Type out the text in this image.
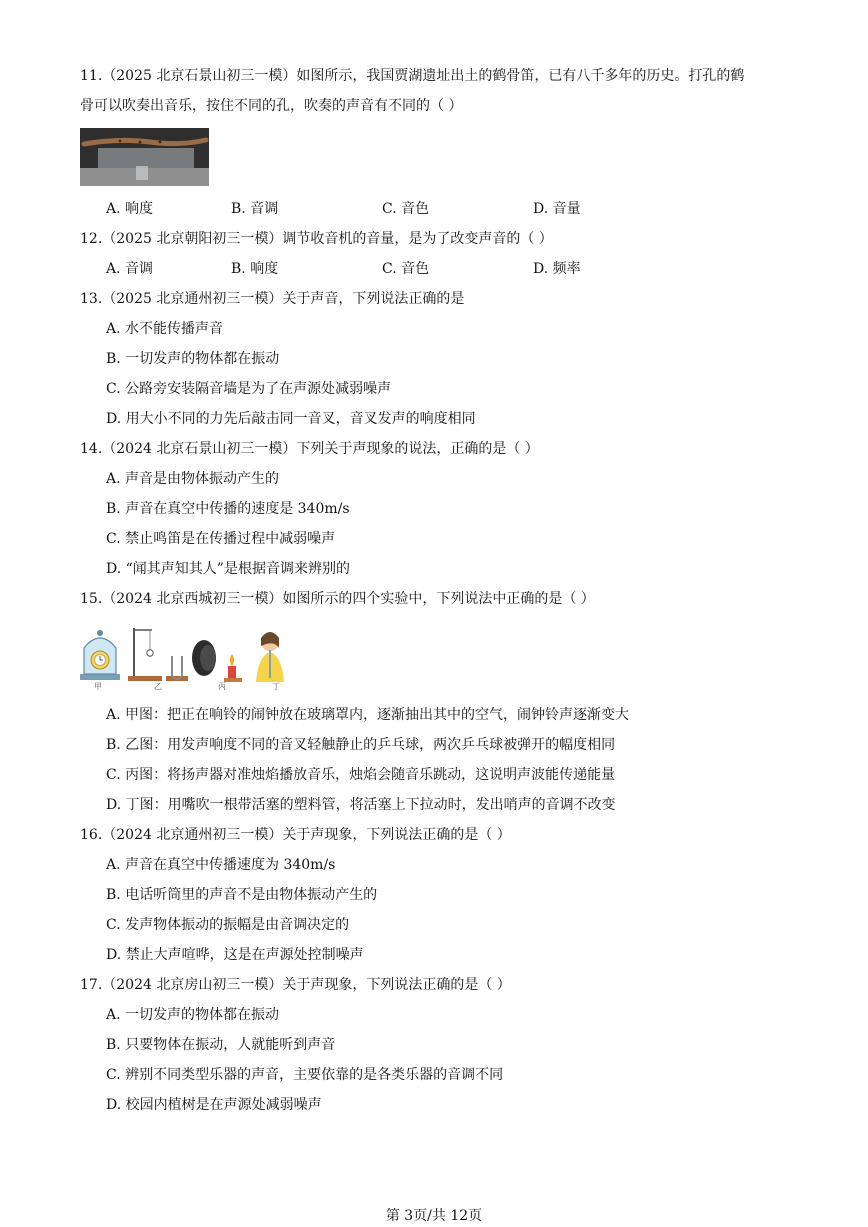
11.（2025 北京石景山初三一模）如图所示，我国贾湖遗址出土的鹤骨笛，已有八千多年的历史。打孔的鹤
骨可以吹奏出音乐，按住不同的孔，吹奏的声音有不同的（ ）
A. 响度	B. 音调	C. 音色	D. 音量
12.（2025 北京朝阳初三一模）调节收音机的音量，是为了改变声音的（ ）
A. 音调	B. 响度	C. 音色	D. 频率
13.（2025 北京通州初三一模）关于声音，下列说法正确的是
A. 水不能传播声音
B. 一切发声的物体都在振动
C. 公路旁安装隔音墙是为了在声源处减弱噪声
D. 用大小不同的力先后敲击同一音叉，音叉发声的响度相同
14.（2024 北京石景山初三一模）下列关于声现象的说法，正确的是（ ）
A. 声音是由物体振动产生的
B. 声音在真空中传播的速度是 340m/s
C. 禁止鸣笛是在传播过程中减弱噪声
D. “闻其声知其人”是根据音调来辨别的
15.（2024 北京西城初三一模）如图所示的四个实验中，下列说法中正确的是（ ）
甲	乙	丙	丁
A. 甲图：把正在响铃的闹钟放在玻璃罩内，逐渐抽出其中的空气，闹钟铃声逐渐变大
B. 乙图：用发声响度不同的音叉轻触静止的乒乓球，两次乒乓球被弹开的幅度相同
C. 丙图：将扬声器对准烛焰播放音乐，烛焰会随音乐跳动，这说明声波能传递能量
D. 丁图：用嘴吹一根带活塞的塑料管，将活塞上下拉动时，发出哨声的音调不改变
16.（2024 北京通州初三一模）关于声现象，下列说法正确的是（ ）
A. 声音在真空中传播速度为 340m/s
B. 电话听筒里的声音不是由物体振动产生的
C. 发声物体振动的振幅是由音调决定的
D. 禁止大声喧哗，这是在声源处控制噪声
17.（2024 北京房山初三一模）关于声现象，下列说法正确的是（ ）
A. 一切发声的物体都在振动
B. 只要物体在振动，人就能听到声音
C. 辨别不同类型乐器的声音，主要依靠的是各类乐器的音调不同
D. 校园内植树是在声源处减弱噪声
第 3页/共 12页
